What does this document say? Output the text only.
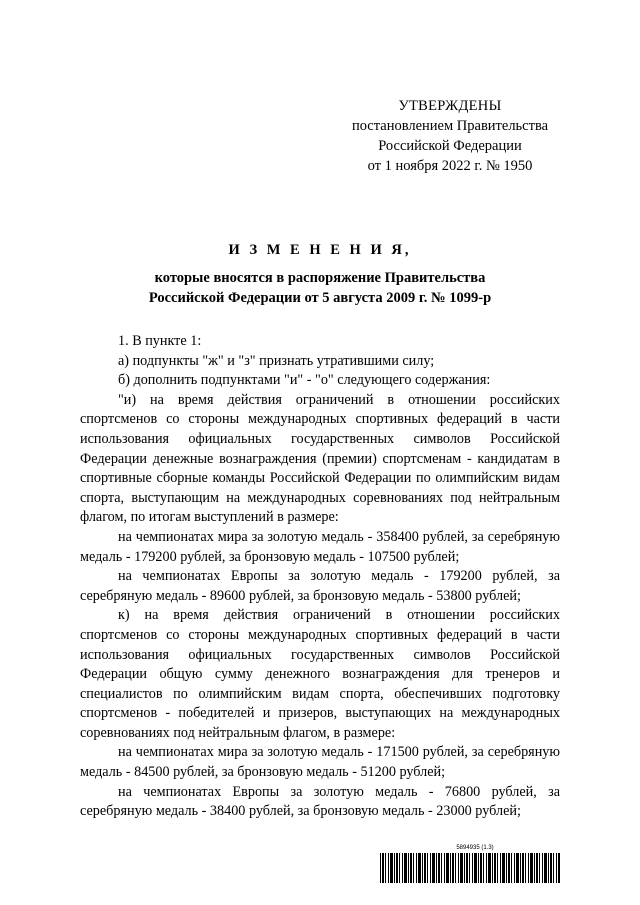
УТВЕРЖДЕНЫ
постановлением Правительства
Российской Федерации
от 1 ноября 2022 г. № 1950
И З М Е Н Е Н И Я,
которые вносятся в распоряжение Правительства
Российской Федерации от 5 августа 2009 г. № 1099-р

1. В пункте 1:

а) подпункты "ж" и "з" признать утратившими силу;

б) дополнить подпунктами "и" - "о" следующего содержания:

"и) на время действия ограничений в отношении российских спортсменов со стороны международных спортивных федераций в части использования официальных государственных символов Российской Федерации денежные вознаграждения (премии) спортсменам - кандидатам в спортивные сборные команды Российской Федерации по олимпийским видам спорта, выступающим на международных соревнованиях под нейтральным флагом, по итогам выступлений в размере:

на чемпионатах мира за золотую медаль - 358400 рублей, за серебряную медаль - 179200 рублей, за бронзовую медаль - 107500 рублей;

на чемпионатах Европы за золотую медаль - 179200 рублей, за серебряную медаль - 89600 рублей, за бронзовую медаль - 53800 рублей;

к) на время действия ограничений в отношении российских спортсменов со стороны международных спортивных федераций в части использования официальных государственных символов Российской Федерации общую сумму денежного вознаграждения для тренеров и специалистов по олимпийским видам спорта, обеспечивших подготовку спортсменов - победителей и призеров, выступающих на международных соревнованиях под нейтральным флагом, в размере:

на чемпионатах мира за золотую медаль - 171500 рублей, за серебряную медаль - 84500 рублей, за бронзовую медаль - 51200 рублей;

на чемпионатах Европы за золотую медаль - 76800 рублей, за серебряную медаль - 38400 рублей, за бронзовую медаль - 23000 рублей;

5894935 (1.3)
